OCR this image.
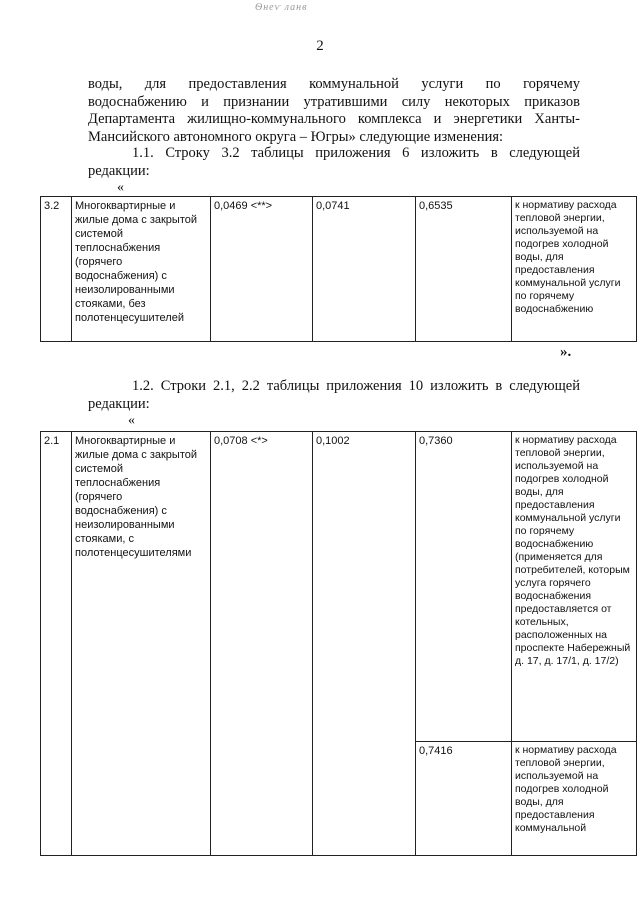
Ѳнеѵ ланв
2
воды, для предоставления коммунальной услуги по горячему
водоснабжению и признании утратившими силу некоторых приказов
Департамента жилищно-коммунального комплекса и энергетики Ханты-
Мансийского автономного округа – Югры» следующие изменения:
1.1. Строку 3.2 таблицы приложения 6 изложить в следующей
редакции:
«
3.2	Многоквартирные и жилые дома с закрытой системой теплоснабжения (горячего водоснабжения) с неизолированными стояками, без полотенцесушителей	0,0469 <**>	0,0741	0,6535	к нормативу расхода тепловой энергии, используемой на подогрев холодной воды, для предоставления коммунальной услуги по горячему водоснабжению
».
1.2. Строки 2.1, 2.2 таблицы приложения 10 изложить в следующей
редакции:
«
2.1	Многоквартирные и жилые дома с закрытой системой теплоснабжения (горячего водоснабжения) с неизолированными стояками, с полотенцесушителями	0,0708 <*>	0,1002	0,7360	к нормативу расхода тепловой энергии, используемой на подогрев холодной воды, для предоставления коммунальной услуги по горячему водоснабжению (применяется для потребителей, которым услуга горячего водоснабжения предоставляется от котельных, расположенных на проспекте Набережный д. 17, д. 17/1, д. 17/2)
				0,7416	к нормативу расхода тепловой энергии, используемой на подогрев холодной воды, для предоставления коммунальной
